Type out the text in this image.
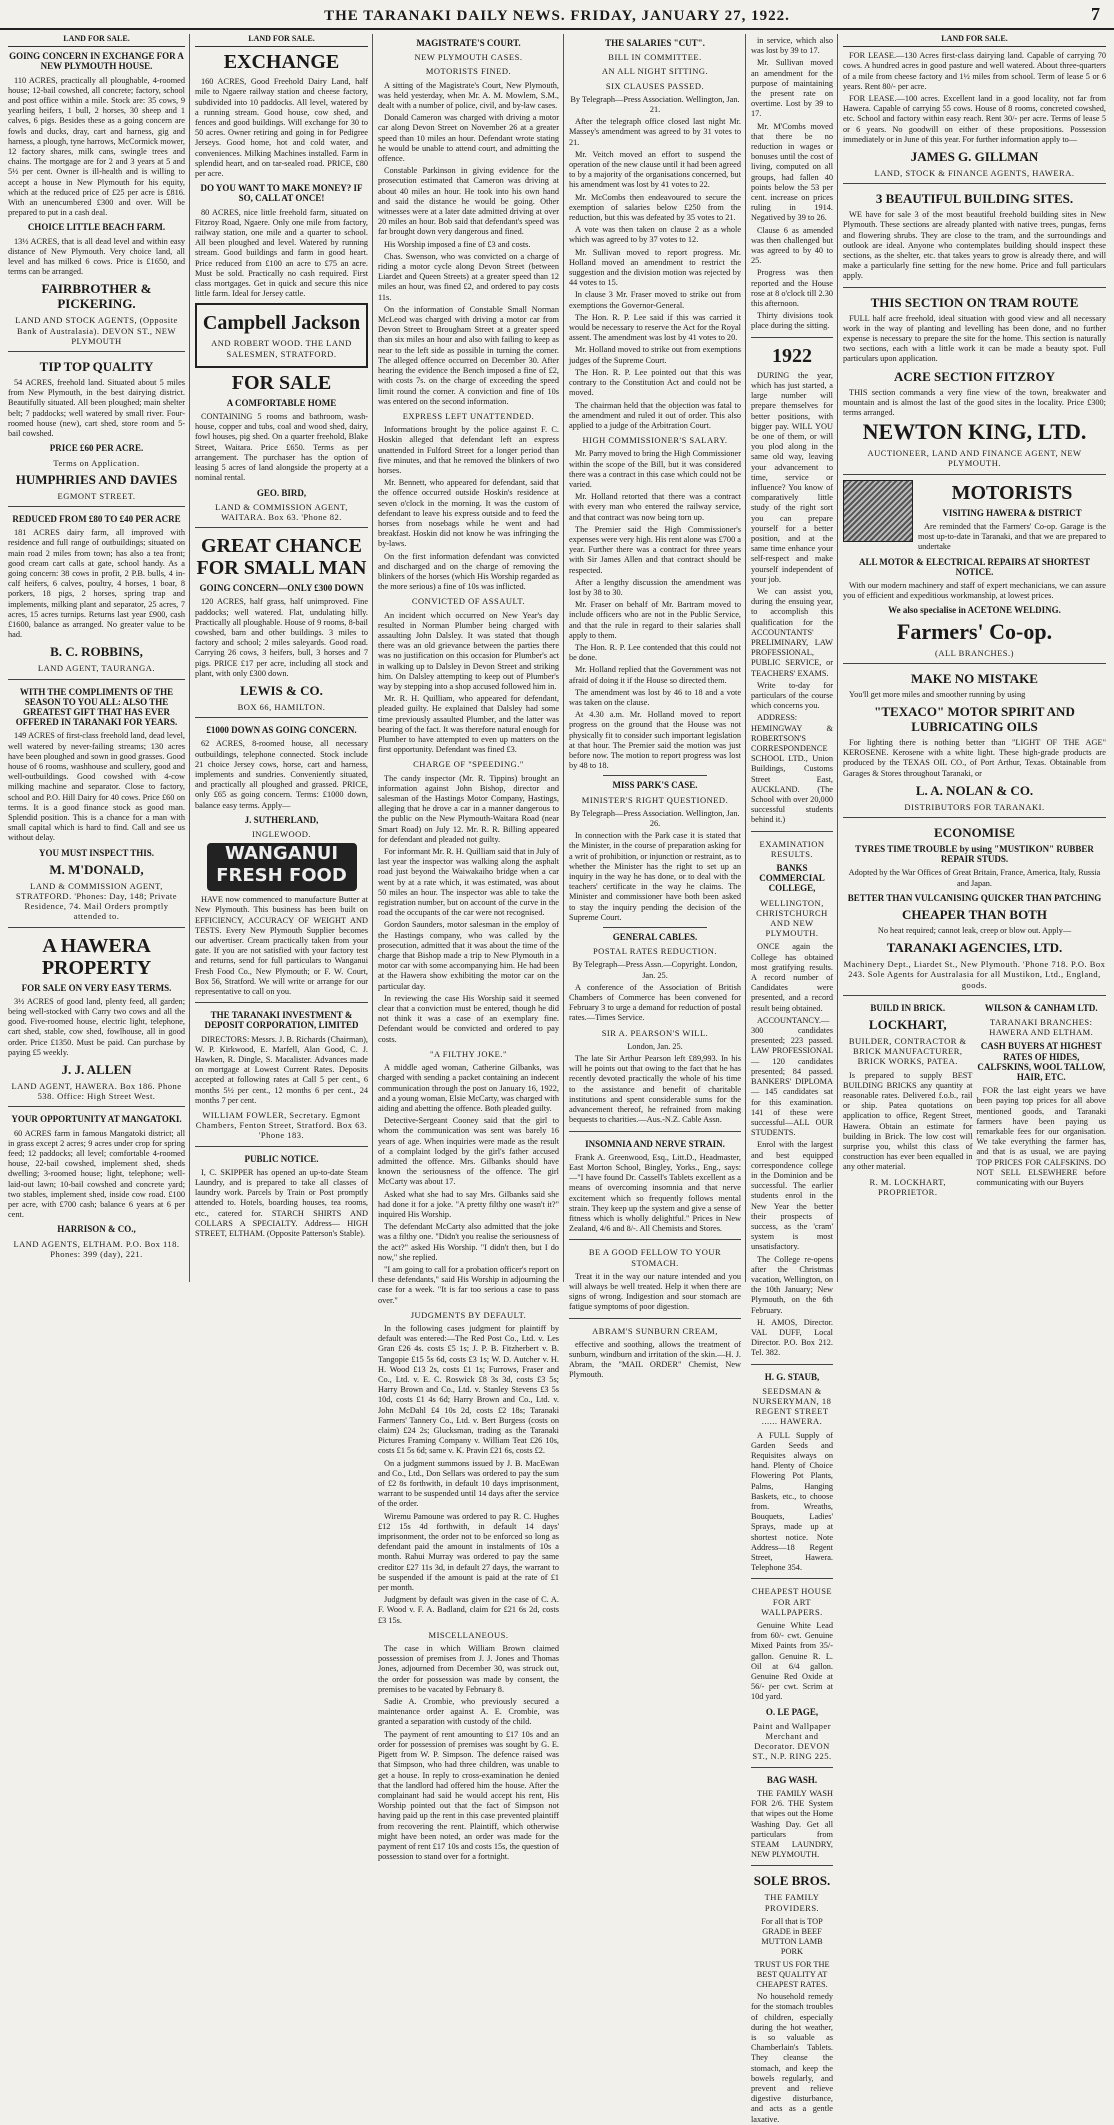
THE TARANAKI DAILY NEWS. FRIDAY, JANUARY 27, 1922.	7
LAND FOR SALE.
GOING CONCERN IN EXCHANGE FOR A NEW PLYMOUTH HOUSE.

110 ACRES, practically all ploughable, 4-roomed house; 12-bail cowshed, all concrete; factory, school and post office within a mile. Stock are: 35 cows, 9 yearling heifers, 1 bull, 2 horses, 30 sheep and 1 calves, 6 pigs. Besides these as a going concern are fowls and ducks, dray, cart and harness, gig and harness, a plough, tyne harrows, McCormick mower, 12 factory shares, milk cans, swingle trees and chains. The mortgage are for 2 and 3 years at 5 and 5½ per cent. Owner is ill-health and is willing to accept a house in New Plymouth for his equity, which at the reduced price of £25 per acre is £816. With an unencumbered £300 and over. Will be prepared to put in a cash deal.

CHOICE LITTLE BEACH FARM.

13½ ACRES, that is all dead level and within easy distance of New Plymouth. Very choice land, all level and has milked 6 cows. Price is £1650, and terms can be arranged.

FAIRBROTHER & PICKERING.
LAND AND STOCK AGENTS, (Opposite Bank of Australasia). DEVON ST., NEW PLYMOUTH
TIP TOP QUALITY

54 ACRES, freehold land. Situated about 5 miles from New Plymouth, in the best dairying district. Beautifully situated. All been ploughed; main shelter belt; 7 paddocks; well watered by small river. Four-roomed house (new), cart shed, store room and 5-bail cowshed.

PRICE £60 PER ACRE.
Terms on Application.
HUMPHRIES AND DAVIES
EGMONT STREET.
REDUCED FROM £80 TO £40 PER ACRE

181 ACRES dairy farm, all improved with residence and full range of outbuildings; situated on main road 2 miles from town; has also a tea front; good cream cart calls at gate, school handy. As a going concern: 38 cows in profit, 2 P.B. bulls, 4 in-calf heifers, 6 calves, poultry, 4 horses, 1 boar, 8 porkers, 18 pigs, 2 horses, spring trap and implements, milking plant and separator, 25 acres, 7 acres, 15 acres turnips. Returns last year £900, cash £1600, balance as arranged. No greater value to be had.

B. C. ROBBINS,
LAND AGENT, TAURANGA.
WITH THE COMPLIMENTS OF THE SEASON TO YOU ALL: ALSO THE GREATEST GIFT THAT HAS EVER OFFERED IN TARANAKI FOR YEARS.

149 ACRES of first-class freehold land, dead level, well watered by never-failing streams; 130 acres have been ploughed and sown in good grasses. Good house of 6 rooms, washhouse and scullery, good and well-outbuildings. Good cowshed with 4-cow milking machine and separator. Close to factory, school and P.O. Hill Dairy for 40 cows. Price £60 on terms. It is a good finance stock as good man. Splendid position. This is a chance for a man with small capital which is hard to find. Call and see us without delay.

YOU MUST INSPECT THIS.
M. M'DONALD,
LAND & COMMISSION AGENT, STRATFORD. 'Phones: Day, 148; Private Residence, 74. Mail Orders promptly attended to.
A HAWERA PROPERTY
FOR SALE ON VERY EASY TERMS.

3½ ACRES of good land, plenty feed, all garden; being well-stocked with Carry two cows and all the good. Five-roomed house, electric light, telephone, cart shed, stable, cow shed, fowlhouse, all in good order. Price £1350. Must be paid. Can purchase by paying £5 weekly.

J. J. ALLEN
LAND AGENT, HAWERA. Box 186. Phone 538. Office: High Street West.
YOUR OPPORTUNITY AT MANGATOKI.

60 ACRES farm in famous Mangatoki district; all in grass except 2 acres; 9 acres under crop for spring feed; 12 paddocks; all level; comfortable 4-roomed house, 22-bail cowshed, implement shed, sheds dwelling; 3-roomed house; light, telephone; well-laid-out lawn; 10-bail cowshed and concrete yard; two stables, implement shed, inside cow road. £100 per acre, with £700 cash; balance 6 years at 6 per cent.

HARRISON & CO.,
LAND AGENTS, ELTHAM. P.O. Box 118. Phones: 399 (day), 221.
LAND FOR SALE.
EXCHANGE

160 ACRES, Good Freehold Dairy Land, half mile to Ngaere railway station and cheese factory, subdivided into 10 paddocks. All level, watered by a running stream. Good house, cow shed, and fences and good buildings. Will exchange for 30 to 50 acres. Owner retiring and going in for Pedigree Jerseys. Good home, hot and cold water, and conveniences. Milking Machines installed. Farm in splendid heart, and on tar-sealed road. PRICE, £80 per acre.

DO YOU WANT TO MAKE MONEY? IF SO, CALL AT ONCE!

80 ACRES, nice little freehold farm, situated on Fitzroy Road, Ngaere. Only one mile from factory, railway station, one mile and a quarter to school. All been ploughed and level. Watered by running stream. Good buildings and farm in good heart. Price reduced from £100 an acre to £75 an acre. Must be sold. Practically no cash required. First class mortgages. Get in quick and secure this nice little farm. Ideal for Jersey cattle.

Campbell Jackson
AND ROBERT WOOD. THE LAND SALESMEN, STRATFORD.
FOR SALE
A COMFORTABLE HOME

CONTAINING 5 rooms and bathroom, wash-house, copper and tubs, coal and wood shed, dairy, fowl houses, pig shed. On a quarter freehold, Blake Street, Waitara. Price £650. Terms as per arrangement. The purchaser has the option of leasing 5 acres of land alongside the property at a nominal rental.

GEO. BIRD,
LAND & COMMISSION AGENT, WAITARA. Box 63. 'Phone 82.
GREAT CHANCE FOR SMALL MAN
GOING CONCERN—ONLY £300 DOWN

120 ACRES, half grass, half unimproved. Fine paddocks; well watered. Flat, undulating hilly. Practically all ploughable. House of 9 rooms, 8-bail cowshed, barn and other buildings. 3 miles to factory and school; 2 miles saleyards. Good road. Carrying 26 cows, 3 heifers, bull, 3 horses and 7 pigs. PRICE £17 per acre, including all stock and plant, with only £300 down.

LEWIS & CO.
BOX 66, HAMILTON.
£1000 DOWN AS GOING CONCERN.

62 ACRES, 8-roomed house, all necessary outbuildings, telephone connected. Stock include 21 choice Jersey cows, horse, cart and harness, implements and sundries. Conveniently situated, and practically all ploughed and grassed. PRICE, only £65 as going concern. Terms: £1000 down, balance easy terms. Apply—

J. SUTHERLAND,
INGLEWOOD.
WANGANUI FRESH FOOD

HAVE now commenced to manufacture Butter at New Plymouth. This business has been built on EFFICIENCY, ACCURACY OF WEIGHT AND TESTS. Every New Plymouth Supplier becomes our advertiser. Cream practically taken from your gate. If you are not satisfied with your factory test and returns, send for full particulars to Wanganui Fresh Food Co., New Plymouth; or F. W. Court, Box 56, Stratford. We will write or arrange for our representative to call on you.

THE TARANAKI INVESTMENT & DEPOSIT CORPORATION, LIMITED

DIRECTORS: Messrs. J. B. Richards (Chairman), W. P. Kirkwood, E. Marfell, Alan Good, C. J. Hawken, R. Dingle, S. Macalister. Advances made on mortgage at Lowest Current Rates. Deposits accepted at following rates at Call 5 per cent., 6 months 5½ per cent., 12 months 6 per cent., 24 months 7 per cent.

WILLIAM FOWLER, Secretary. Egmont Chambers, Fenton Street, Stratford. Box 63. 'Phone 183.
PUBLIC NOTICE.

I, C. SKIPPER has opened an up-to-date Steam Laundry, and is prepared to take all classes of laundry work. Parcels by Train or Post promptly attended to. Hotels, boarding houses, tea rooms, etc., catered for. STARCH SHIRTS AND COLLARS A SPECIALTY. Address— HIGH STREET, ELTHAM. (Opposite Patterson's Stable).

MAGISTRATE'S COURT.
NEW PLYMOUTH CASES.
MOTORISTS FINED.

A sitting of the Magistrate's Court, New Plymouth, was held yesterday, when Mr. A. M. Mowlem, S.M., dealt with a number of police, civil, and by-law cases.

Donald Cameron was charged with driving a motor car along Devon Street on November 26 at a greater speed than 10 miles an hour. Defendant wrote stating he would be unable to attend court, and admitting the offence.

Constable Parkinson in giving evidence for the prosecution estimated that Cameron was driving at about 40 miles an hour. He took into his own hand and said the distance he would be going. Other witnesses were at a later date admitted driving at over 20 miles an hour. Bob said that defendant's speed was far brought down very dangerous and fined.

His Worship imposed a fine of £3 and costs.

Chas. Swenson, who was convicted on a charge of riding a motor cycle along Devon Street (between Liardet and Queen Streets) at a greater speed than 12 miles an hour, was fined £2, and ordered to pay costs 11s.

On the information of Constable Small Norman McLeod was charged with driving a motor car from Devon Street to Brougham Street at a greater speed than six miles an hour and also with failing to keep as near to the left side as possible in turning the corner. The alleged offence occurred on December 30. After hearing the evidence the Bench imposed a fine of £2, with costs 7s. on the charge of exceeding the speed limit round the corner. A conviction and fine of 10s was entered on the second information.

EXPRESS LEFT UNATTENDED.

Informations brought by the police against F. C. Hoskin alleged that defendant left an express unattended in Fulford Street for a longer period than five minutes, and that he removed the blinkers of two horses.

Mr. Bennett, who appeared for defendant, said that the offence occurred outside Hoskin's residence at seven o'clock in the morning. It was the custom of defendant to leave his express outside and to feed the horses from nosebags while he went and had breakfast. Hoskin did not know he was infringing the by-laws.

On the first information defendant was convicted and discharged and on the charge of removing the blinkers of the horses (which His Worship regarded as the more serious) a fine of 10s was inflicted.

CONVICTED OF ASSAULT.

An incident which occurred on New Year's day resulted in Norman Plumber being charged with assaulting John Dalsley. It was stated that though there was an old grievance between the parties there was no justification on this occasion for Plumber's act in walking up to Dalsley in Devon Street and striking him. On Dalsley attempting to keep out of Plumber's way by stepping into a shop accused followed him in.

Mr. R. H. Quilliam, who appeared for defendant, pleaded guilty. He explained that Dalsley had some time previously assaulted Plumber, and the latter was bearing of the fact. It was therefore natural enough for Plumber to have attempted to even up matters on the first opportunity. Defendant was fined £3.

CHARGE OF "SPEEDING."

The candy inspector (Mr. R. Tippins) brought an information against John Bishop, director and salesman of the Hastings Motor Company, Hastings, alleging that he drove a car in a manner dangerous to the public on the New Plymouth-Waitara Road (near Smart Road) on July 12. Mr. R. R. Billing appeared for defendant and pleaded not guilty.

For informant Mr. R. H. Quilliam said that in July of last year the inspector was walking along the asphalt road just beyond the Waiwakaiho bridge when a car went by at a rate which, it was estimated, was about 50 miles an hour. The inspector was able to take the registration number, but on account of the curve in the road the occupants of the car were not recognised.

Gordon Saunders, motor salesman in the employ of the Hastings company, who was called by the prosecution, admitted that it was about the time of the charge that Bishop made a trip to New Plymouth in a motor car with some accompanying him. He had been at the Hawera show exhibiting the motor car on the particular day.

In reviewing the case His Worship said it seemed clear that a conviction must be entered, though he did not think it was a case of an exemplary fine. Defendant would be convicted and ordered to pay costs.

"A FILTHY JOKE."

A middle aged woman, Catherine Gilbanks, was charged with sending a packet containing an indecent communication through the post on January 16, 1922, and a young woman, Elsie McCarty, was charged with aiding and abetting the offence. Both pleaded guilty.

Detective-Sergeant Cooney said that the girl to whom the communication was sent was barely 16 years of age. When inquiries were made as the result of a complaint lodged by the girl's father accused admitted the offence. Mrs. Gilbanks should have known the seriousness of the offence. The girl McCarty was about 17.

Asked what she had to say Mrs. Gilbanks said she had done it for a joke. "A pretty filthy one wasn't it?" inquired His Worship.

The defendant McCarty also admitted that the joke was a filthy one. "Didn't you realise the seriousness of the act?" asked His Worship. "I didn't then, but I do now," she replied.

"I am going to call for a probation officer's report on these defendants," said His Worship in adjourning the case for a week. "It is far too serious a case to pass over."

JUDGMENTS BY DEFAULT.

In the following cases judgment for plaintiff by default was entered:—The Red Post Co., Ltd. v. Les Gran £26 4s. costs £5 1s; J. P. B. Fitzherbert v. B. Tangopie £15 5s 6d, costs £3 1s; W. D. Autcher v. H. H. Wood £13 2s, costs £1 1s; Furrows, Fraser and Co., Ltd. v. E. C. Roswick £8 3s 3d, costs £3 5s; Harry Brown and Co., Ltd. v. Stanley Stevens £3 5s 10d, costs £1 4s 6d; Harry Brown and Co., Ltd. v. John McDahl £4 10s 2d, costs £2 18s; Taranaki Farmers' Tannery Co., Ltd. v. Bert Burgess (costs on claim) £24 2s; Glucksman, trading as the Taranaki Pictures Framing Company v. William Teat £26 10s, costs £1 5s 6d; same v. K. Pravin £21 6s, costs £2.

On a judgment summons issued by J. B. MacEwan and Co., Ltd., Don Sellars was ordered to pay the sum of £2 8s forthwith, in default 10 days imprisonment, warrant to be suspended until 14 days after the service of the order.

Wiremu Pamoune was ordered to pay R. C. Hughes £12 15s 4d forthwith, in default 14 days' imprisonment, the order not to be enforced so long as defendant paid the amount in instalments of 10s a month. Rahui Murray was ordered to pay the same creditor £27 11s 3d, in default 27 days, the warrant to be suspended if the amount is paid at the rate of £1 per month.

Judgment by default was given in the case of C. A. F. Wood v. F. A. Badland, claim for £21 6s 2d, costs £3 15s.

MISCELLANEOUS.

The case in which William Brown claimed possession of premises from J. J. Jones and Thomas Jones, adjourned from December 30, was struck out, the order for possession was made by consent, the premises to be vacated by February 8.

Sadie A. Crombie, who previously secured a maintenance order against A. E. Crombie, was granted a separation with custody of the child.

The payment of rent amounting to £17 10s and an order for possession of premises was sought by G. E. Pigett from W. P. Simpson. The defence raised was that Simpson, who had three children, was unable to get a house. In reply to cross-examination he denied that the landlord had offered him the house. After the complainant had said he would accept his rent, His Worship pointed out that the fact of Simpson not having paid up the rent in this case prevented plaintiff from recovering the rent. Plaintiff, which otherwise might have been noted, an order was made for the payment of rent £17 10s and costs 15s, the question of possession to stand over for a fortnight.

THE SALARIES "CUT".
BILL IN COMMITTEE.
AN ALL NIGHT SITTING.
SIX CLAUSES PASSED.

By Telegraph—Press Association. Wellington, Jan. 21.

After the telegraph office closed last night Mr. Massey's amendment was agreed to by 31 votes to 21.

Mr. Veitch moved an effort to suspend the operation of the new clause until it had been agreed to by a majority of the organisations concerned, but his amendment was lost by 41 votes to 22.

Mr. McCombs then endeavoured to secure the exemption of salaries below £250 from the reduction, but this was defeated by 35 votes to 21.

A vote was then taken on clause 2 as a whole which was agreed to by 37 votes to 12.

Mr. Sullivan moved to report progress. Mr. Holland moved an amendment to restrict the suggestion and the division motion was rejected by 44 votes to 15.

In clause 3 Mr. Fraser moved to strike out from exemptions the Governor-General.

The Hon. R. P. Lee said if this was carried it would be necessary to reserve the Act for the Royal assent. The amendment was lost by 41 votes to 20.

Mr. Holland moved to strike out from exemptions judges of the Supreme Court.

The Hon. R. P. Lee pointed out that this was contrary to the Constitution Act and could not be moved.

The chairman held that the objection was fatal to the amendment and ruled it out of order. This also applied to a judge of the Arbitration Court.

HIGH COMMISSIONER'S SALARY.

Mr. Parry moved to bring the High Commissioner within the scope of the Bill, but it was considered there was a contract in this case which could not be varied.

Mr. Holland retorted that there was a contract with every man who entered the railway service, and that contract was now being torn up.

The Premier said the High Commissioner's expenses were very high. His rent alone was £700 a year. Further there was a contract for three years with Sir James Allen and that contract should be respected.

After a lengthy discussion the amendment was lost by 38 to 30.

Mr. Fraser on behalf of Mr. Bartram moved to include officers who are not in the Public Service, and that the rule in regard to their salaries shall apply to them.

The Hon. R. P. Lee contended that this could not be done.

Mr. Holland replied that the Government was not afraid of doing it if the House so directed them.

The amendment was lost by 46 to 18 and a vote was taken on the clause.

At 4.30 a.m. Mr. Holland moved to report progress on the ground that the House was not physically fit to consider such important legislation at that hour. The Premier said the motion was just before now. The motion to report progress was lost by 48 to 18.

MISS PARK'S CASE.
MINISTER'S RIGHT QUESTIONED.

By Telegraph—Press Association. Wellington, Jan. 26.

In connection with the Park case it is stated that the Minister, in the course of preparation asking for a writ of prohibition, or injunction or restraint, as to whether the Minister has the right to set up an inquiry in the way he has done, or to deal with the teachers' certificate in the way he claims. The Minister and commissioner have both been asked to stay the inquiry pending the decision of the Supreme Court.

GENERAL CABLES.
POSTAL RATES REDUCTION.

By Telegraph—Press Assn.—Copyright. London, Jan. 25.

A conference of the Association of British Chambers of Commerce has been convened for February 3 to urge a demand for reduction of postal rates.—Times Service.

SIR A. PEARSON'S WILL.

London, Jan. 25.

The late Sir Arthur Pearson left £89,993. In his will he points out that owing to the fact that he has recently devoted practically the whole of his time to the assistance and benefit of charitable institutions and spent considerable sums for the advancement thereof, he refrained from making bequests to charities.—Aus.-N.Z. Cable Assn.

INSOMNIA AND NERVE STRAIN.

Frank A. Greenwood, Esq., Litt.D., Headmaster, East Morton School, Bingley, Yorks., Eng., says:—"I have found Dr. Cassell's Tablets excellent as a means of overcoming insomnia and that nerve excitement which so frequently follows mental strain. They keep up the system and give a sense of fitness which is wholly delightful." Prices in New Zealand, 4/6 and 8/-. All Chemists and Stores.

BE A GOOD FELLOW TO YOUR STOMACH.

Treat it in the way our nature intended and you will always be well treated. Help it when there are signs of wrong. Indigestion and sour stomach are fatigue symptoms of poor digestion.

ABRAM'S SUNBURN CREAM,

effective and soothing, allows the treatment of sunburn, windburn and irritation of the skin.—H. J. Abram, the "MAIL ORDER" Chemist, New Plymouth.

in service, which also was lost by 39 to 17.

Mr. Sullivan moved an amendment for the purpose of maintaining the present rate on overtime. Lost by 39 to 17.

Mr. M'Combs moved that there be no reduction in wages or bonuses until the cost of living, computed on all groups, had fallen 40 points below the 53 per cent. increase on prices ruling in 1914. Negatived by 39 to 26.

Clause 6 as amended was then challenged but was agreed to by 40 to 25.

Progress was then reported and the House rose at 8 o'clock till 2.30 this afternoon.

Thirty divisions took place during the sitting.

1922

DURING the year, which has just started, a large number will prepare themselves for better positions, with bigger pay. WILL YOU be one of them, or will you plod along in the same old way, leaving your advancement to time, service or influence? You know of comparatively little study of the right sort you can prepare yourself for a better position, and at the same time enhance your self-respect and make yourself independent of your job.

We can assist you, during the ensuing year, to accomplish this qualification for the ACCOUNTANTS' PRELIMINARY, LAW PROFESSIONAL, PUBLIC SERVICE, or TEACHERS' EXAMS.

Write to-day for particulars of the course which concerns you.

ADDRESS: HEMINGWAY & ROBERTSON'S CORRESPONDENCE SCHOOL LTD., Union Buildings, Customs Street East, AUCKLAND. (The School with over 20,000 successful students behind it.)

EXAMINATION RESULTS.
BANKS COMMERCIAL COLLEGE,
WELLINGTON, CHRISTCHURCH AND NEW PLYMOUTH.

ONCE again the College has obtained most gratifying results. A record number of Candidates were presented, and a record result being obtained.

ACCOUNTANCY.— 300 candidates presented; 223 passed. LAW PROFESSIONAL— 120 candidates presented; 84 passed. BANKERS' DIPLOMA— 145 candidates sat for this examination. 141 of these were successful—ALL OUR STUDENTS.

Enrol with the largest and best equipped correspondence college in the Dominion and be successful. The earlier students enrol in the New Year the better their prospects of success, as the 'cram' system is most unsatisfactory.

The College re-opens after the Christmas vacation, Wellington, on the 10th January; New Plymouth, on the 6th February.

H. AMOS, Director. VAL DUFF, Local Director. P.O. Box 212. Tel. 382.

H. G. STAUB,
SEEDSMAN & NURSERYMAN, 18 REGENT STREET ...... HAWERA.

A FULL Supply of Garden Seeds and Requisites always on hand. Plenty of Choice Flowering Pot Plants, Palms, Hanging Baskets, etc., to choose from. Wreaths, Bouquets, Ladies' Sprays, made up at shortest notice. Note Address—18 Regent Street, Hawera. Telephone 354.

CHEAPEST HOUSE FOR ART WALLPAPERS.

Genuine White Lead from 60/- cwt. Genuine Mixed Paints from 35/- gallon. Genuine R. L. Oil at 6/4 gallon. Genuine Red Oxide at 56/- per cwt. Scrim at 10d yard.

O. LE PAGE,
Paint and Wallpaper Merchant and Decorator. DEVON ST., N.P. RING 225.
BAG WASH.

THE FAMILY WASH FOR 2/6. THE System that wipes out the Home Washing Day. Get all particulars from STEAM LAUNDRY, NEW PLYMOUTH.

SOLE BROS.
THE FAMILY PROVIDERS.

For all that is TOP GRADE in BEEF MUTTON LAMB PORK

TRUST US FOR THE BEST QUALITY AT CHEAPEST RATES.

No household remedy for the stomach troubles of children, especially during the hot weather, is so valuable as Chamberlain's Tablets. They cleanse the stomach, and keep the bowels regularly, and prevent and relieve digestive disturbance, and acts as a gentle laxative.

LAND FOR SALE.

FOR LEASE.—130 Acres first-class dairying land. Capable of carrying 70 cows. A hundred acres in good pasture and well watered. About three-quarters of a mile from cheese factory and 1½ miles from school. Term of lease 5 or 6 years. Rent 80/- per acre.

FOR LEASE.—100 acres. Excellent land in a good locality, not far from Hawera. Capable of carrying 55 cows. House of 8 rooms, concreted cowshed, etc. School and factory within easy reach. Rent 30/- per acre. Terms of lease 5 or 6 years. No goodwill on either of these propositions. Possession immediately or in June of this year. For further information apply to—

JAMES G. GILLMAN
LAND, STOCK & FINANCE AGENTS, HAWERA.
3 BEAUTIFUL BUILDING SITES.

WE have for sale 3 of the most beautiful freehold building sites in New Plymouth. These sections are already planted with native trees, pungas, ferns and flowering shrubs. They are close to the tram, and the surroundings and outlook are ideal. Anyone who contemplates building should inspect these sections, as the shelter, etc. that takes years to grow is already there, and will make a particularly fine setting for the new home. Price and full particulars apply.

THIS SECTION ON TRAM ROUTE

FULL half acre freehold, ideal situation with good view and all necessary work in the way of planting and levelling has been done, and no further expense is necessary to prepare the site for the home. This section is naturally two sections, each with a little work it can be made a beauty spot. Full particulars upon application.

ACRE SECTION FITZROY

THIS section commands a very fine view of the town, breakwater and mountain and is almost the last of the good sites in the locality. Price £300; terms arranged.

NEWTON KING, LTD.
AUCTIONEER, LAND AND FINANCE AGENT, NEW PLYMOUTH.
MOTORISTS
VISITING HAWERA & DISTRICT

Are reminded that the Farmers' Co-op. Garage is the most up-to-date in Taranaki, and that we are prepared to undertake

ALL MOTOR & ELECTRICAL REPAIRS AT SHORTEST NOTICE.

With our modern machinery and staff of expert mechanicians, we can assure you of efficient and expeditious workmanship, at lowest prices.

We also specialise in ACETONE WELDING.
Farmers' Co-op.
(ALL BRANCHES.)
MAKE NO MISTAKE

You'll get more miles and smoother running by using

"TEXACO" MOTOR SPIRIT AND LUBRICATING OILS

For lighting there is nothing better than "LIGHT OF THE AGE" KEROSENE. Kerosene with a white light. These high-grade products are produced by the TEXAS OIL CO., of Port Arthur, Texas. Obtainable from Garages & Stores throughout Taranaki, or

L. A. NOLAN & CO.
DISTRIBUTORS FOR TARANAKI.
ECONOMISE
TYRES TIME TROUBLE by using "MUSTIKON" RUBBER REPAIR STUDS.

Adopted by the War Offices of Great Britain, France, America, Italy, Russia and Japan.

BETTER THAN VULCANISING QUICKER THAN PATCHING
CHEAPER THAN BOTH

No heat required; cannot leak, creep or blow out. Apply—

TARANAKI AGENCIES, LTD.
Machinery Dept., Liardet St., New Plymouth. 'Phone 718. P.O. Box 243. Sole Agents for Australasia for all Mustikon, Ltd., England, goods.
BUILD IN BRICK.
LOCKHART,
BUILDER, CONTRACTOR & BRICK MANUFACTURER, BRICK WORKS, PATEA.

Is prepared to supply BEST BUILDING BRICKS any quantity at reasonable rates. Delivered f.o.b., rail or ship. Patea quotations on application to office, Regent Street, Hawera. Obtain an estimate for building in Brick. The low cost will surprise you, whilst this class of construction has ever been equalled in any other material.

R. M. LOCKHART, PROPRIETOR.
WILSON & CANHAM LTD.
TARANAKI BRANCHES: HAWERA AND ELTHAM.
CASH BUYERS AT HIGHEST RATES OF HIDES, CALFSKINS, WOOL TALLOW, HAIR, ETC.

FOR the last eight years we have been paying top prices for all above mentioned goods, and Taranaki farmers have been paying us remarkable fees for our organisation. We take everything the farmer has, and that is as usual, we are paying TOP PRICES FOR CALFSKINS. DO NOT SELL ELSEWHERE before communicating with our Buyers
